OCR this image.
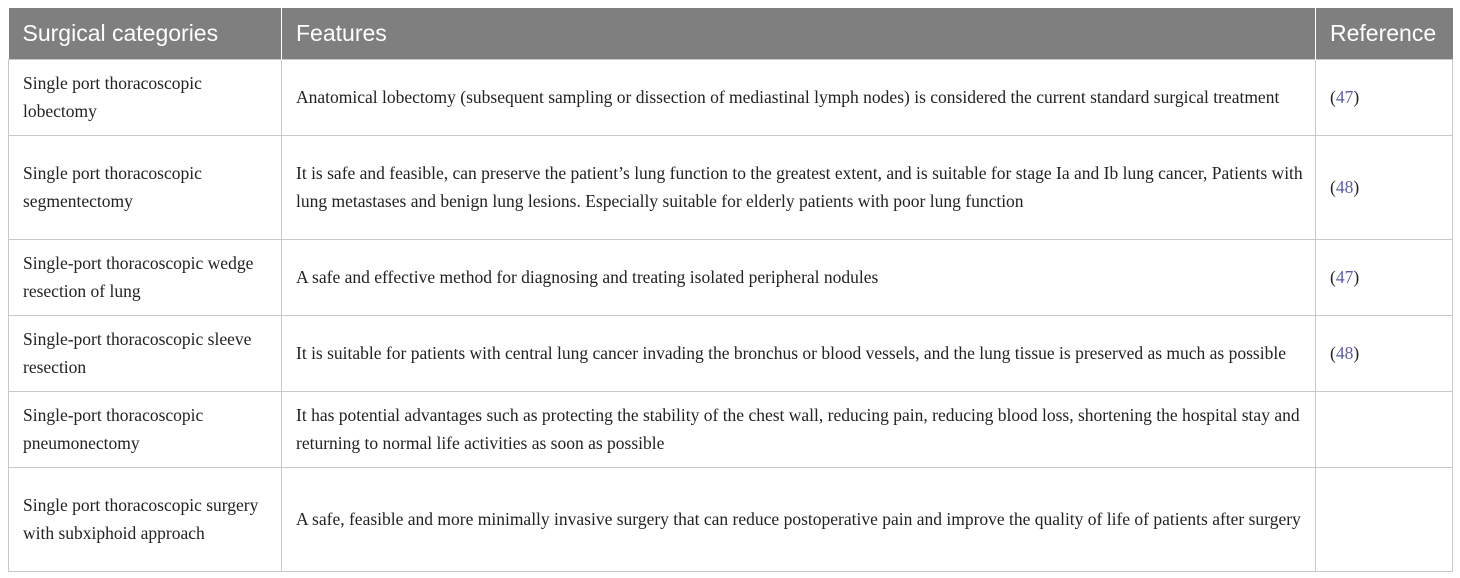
Surgical categories	Features	Reference
Single port thoracoscopic lobectomy	Anatomical lobectomy (subsequent sampling or dissection of mediastinal lymph nodes) is considered the current standard surgical treatment	(47)
Single port thoracoscopic segmentectomy	It is safe and feasible, can preserve the patient’s lung function to the greatest extent, and is suitable for stage Ia and Ib lung cancer, Patients with lung metastases and benign lung lesions. Especially suitable for elderly patients with poor lung function	(48)
Single-port thoracoscopic wedge resection of lung	A safe and effective method for diagnosing and treating isolated peripheral nodules	(47)
Single-port thoracoscopic sleeve resection	It is suitable for patients with central lung cancer invading the bronchus or blood vessels, and the lung tissue is preserved as much as possible	(48)
Single-port thoracoscopic pneumonectomy	It has potential advantages such as protecting the stability of the chest wall, reducing pain, reducing blood loss, shortening the hospital stay and returning to normal life activities as soon as possible	
Single port thoracoscopic surgery with subxiphoid approach	A safe, feasible and more minimally invasive surgery that can reduce postoperative pain and improve the quality of life of patients after surgery	
